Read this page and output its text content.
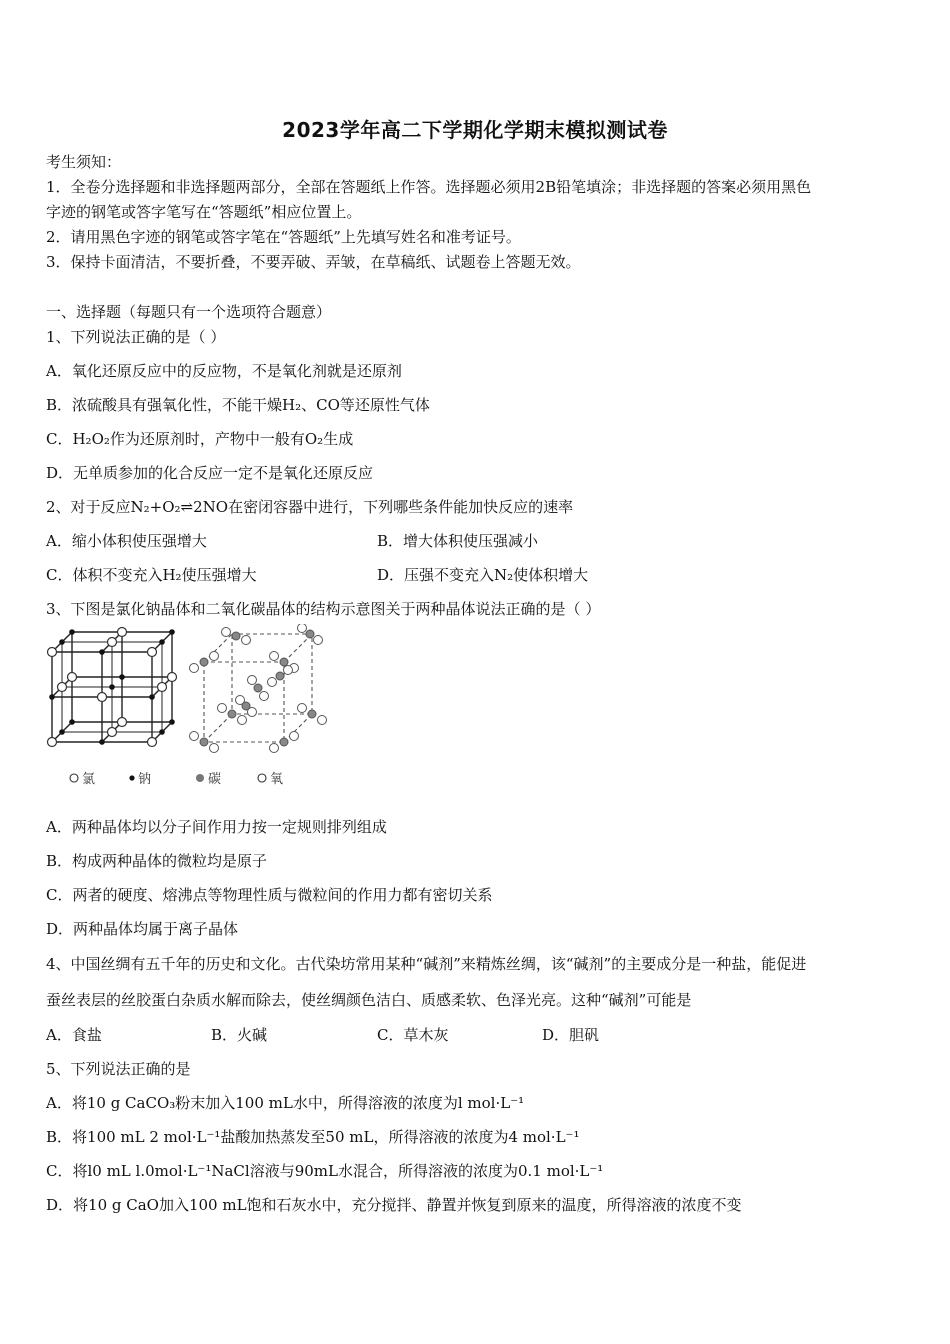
2023学年高二下学期化学期末模拟测试卷
考生须知：
1．全卷分选择题和非选择题两部分，全部在答题纸上作答。选择题必须用2B铅笔填涂；非选择题的答案必须用黑色
字迹的钢笔或答字笔写在“答题纸”相应位置上。
2．请用黑色字迹的钢笔或答字笔在“答题纸”上先填写姓名和准考证号。
3．保持卡面清洁，不要折叠，不要弄破、弄皱，在草稿纸、试题卷上答题无效。
一、选择题（每题只有一个选项符合题意）
1、下列说法正确的是（ ）
A．氧化还原反应中的反应物，不是氧化剂就是还原剂
B．浓硫酸具有强氧化性，不能干燥H₂、CO等还原性气体
C．H₂O₂作为还原剂时，产物中一般有O₂生成
D．无单质参加的化合反应一定不是氧化还原反应
2、对于反应N₂+O₂⇌2NO在密闭容器中进行，下列哪些条件能加快反应的速率
A．缩小体积使压强增大	B．增大体积使压强减小
C．体积不变充入H₂使压强增大	D．压强不变充入N₂使体积增大
3、下图是氯化钠晶体和二氧化碳晶体的结构示意图关于两种晶体说法正确的是（ ）
氯	钠	碳	氧
A．两种晶体均以分子间作用力按一定规则排列组成
B．构成两种晶体的微粒均是原子
C．两者的硬度、熔沸点等物理性质与微粒间的作用力都有密切关系
D．两种晶体均属于离子晶体
4、中国丝绸有五千年的历史和文化。古代染坊常用某种“碱剂”来精炼丝绸，该“碱剂”的主要成分是一种盐，能促进
蚕丝表层的丝胶蛋白杂质水解而除去，使丝绸颜色洁白、质感柔软、色泽光亮。这种“碱剂”可能是
A．食盐	B．火碱	C．草木灰	D．胆矾
5、下列说法正确的是
A．将10 g CaCO₃粉末加入100 mL水中，所得溶液的浓度为l mol·L⁻¹
B．将100 mL 2 mol·L⁻¹盐酸加热蒸发至50 mL，所得溶液的浓度为4 mol·L⁻¹
C．将l0 mL l.0mol·L⁻¹NaCl溶液与90mL水混合，所得溶液的浓度为0.1 mol·L⁻¹
D．将10 g CaO加入100 mL饱和石灰水中，充分搅拌、静置并恢复到原来的温度，所得溶液的浓度不变
